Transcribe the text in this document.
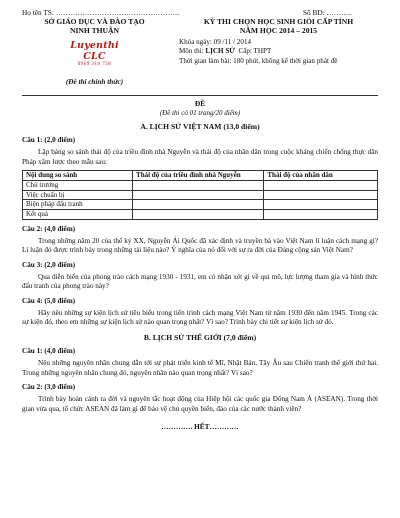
Họ tên TS: ……………………………………………	Số BD: ………..
SỞ GIÁO DỤC VÀ ĐÀO TẠO
NINH THUẬN
Luyenthi CLC
0969 310 728
(Đề thi chính thức)
KỲ THI CHỌN HỌC SINH GIỎI CẤP TỈNH
NĂM HỌC 2014 – 2015
Khóa ngày: 09 /11 / 2014
Môn thi: LỊCH SỬ Cấp: THPT
Thời gian làm bài: 180 phút, không kể thời gian phát đề
ĐỀ
(Đề thi có 01 trang/20 điểm)
A. LỊCH SỬ VIỆT NAM (13,0 điểm)
Câu 1: (2,0 điểm)
Lập bảng so sánh thái độ của triều đình nhà Nguyễn và thái độ của nhân dân trong cuộc kháng chiến chống thực dân Pháp xâm lược theo mẫu sau:
Nội dung so sánh	Thái độ của triều đình nhà Nguyễn	Thái độ của nhân dân
Chủ trương		
Việc chuẩn bị		
Biện pháp đấu tranh		
Kết quả		
Câu 2: (4,0 điểm)
Trong những năm 20 của thế kỷ XX, Nguyễn Ái Quốc đã xác định và truyền bá vào Việt Nam lí luận cách mạng gì? Lí luận đó được trình bày trong những tài liệu nào? Ý nghĩa của nó đối với sự ra đời của Đảng cộng sản Việt Nam?
Câu 3: (2,0 điểm)
Qua diễn biến của phong trào cách mạng 1930 - 1931, em có nhận xét gì về qui mô, lực lượng tham gia và hình thức đấu tranh của phong trào này?
Câu 4: (5,0 điểm)
Hãy nêu những sự kiện lịch sử tiêu biểu trong tiến trình cách mạng Việt Nam từ năm 1930 đến năm 1945. Trong các sự kiện đó, theo em những sự kiện lịch sử nào quan trọng nhất? Vì sao? Trình bày chi tiết sự kiện lịch sử đó.
B. LỊCH SỬ THẾ GIỚI (7,0 điểm)
Câu 1: (4,0 điểm)
Nêu những nguyên nhân chung dẫn tới sự phát triển kinh tế Mĩ, Nhật Bản, Tây Âu sau Chiến tranh thế giới thứ hai. Trong những nguyên nhân chung đó, nguyên nhân nào quan trọng nhất? Vì sao?
Câu 2: (3,0 điểm)
Trình bày hoàn cảnh ra đời và nguyên tắc hoạt động của Hiệp hội các quốc gia Đông Nam Á (ASEAN). Trong thời gian vừa qua, tổ chức ASEAN đã làm gì để bảo vệ chủ quyền biển, đảo của các nước thành viên?
…………. HẾT…………
